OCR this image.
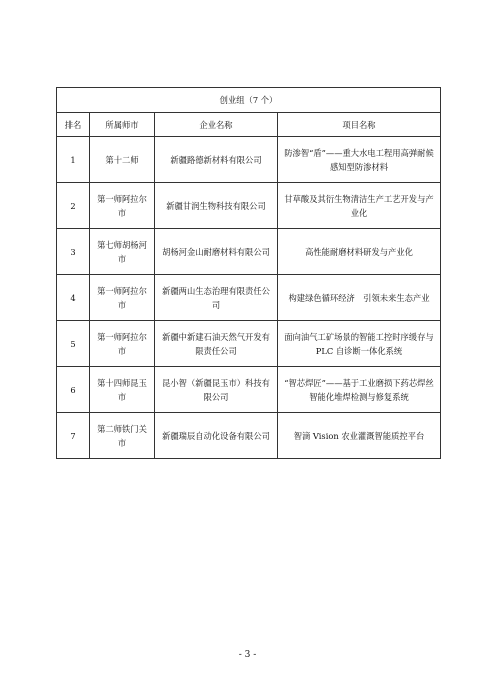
创业组（7 个）			
排名	所属师市	企业名称	项目名称
1	第十二师	新疆路德新材料有限公司	防渗智“盾”——重大水电工程用高弹耐候感知型防渗材料
2	第一师阿拉尔市	新疆甘润生物科技有限公司	甘草酸及其衍生物清洁生产工艺开发与产业化
3	第七师胡杨河市	胡杨河金山耐磨材料有限公司	高性能耐磨材料研发与产业化
4	第一师阿拉尔市	新疆两山生态治理有限责任公司	构建绿色循环经济　引领未来生态产业
5	第一师阿拉尔市	新疆中新建石油天然气开发有限责任公司	面向油气工矿场景的智能工控时序缓存与 PLC 自诊断一体化系统
6	第十四师昆玉市	昆小智（新疆昆玉市）科技有限公司	“智芯焊匠”——基于工业磨损下药芯焊丝智能化堆焊检测与修复系统
7	第二师铁门关市	新疆瑞辰自动化设备有限公司	智滴 Vision 农业灌溉智能质控平台
- 3 -
